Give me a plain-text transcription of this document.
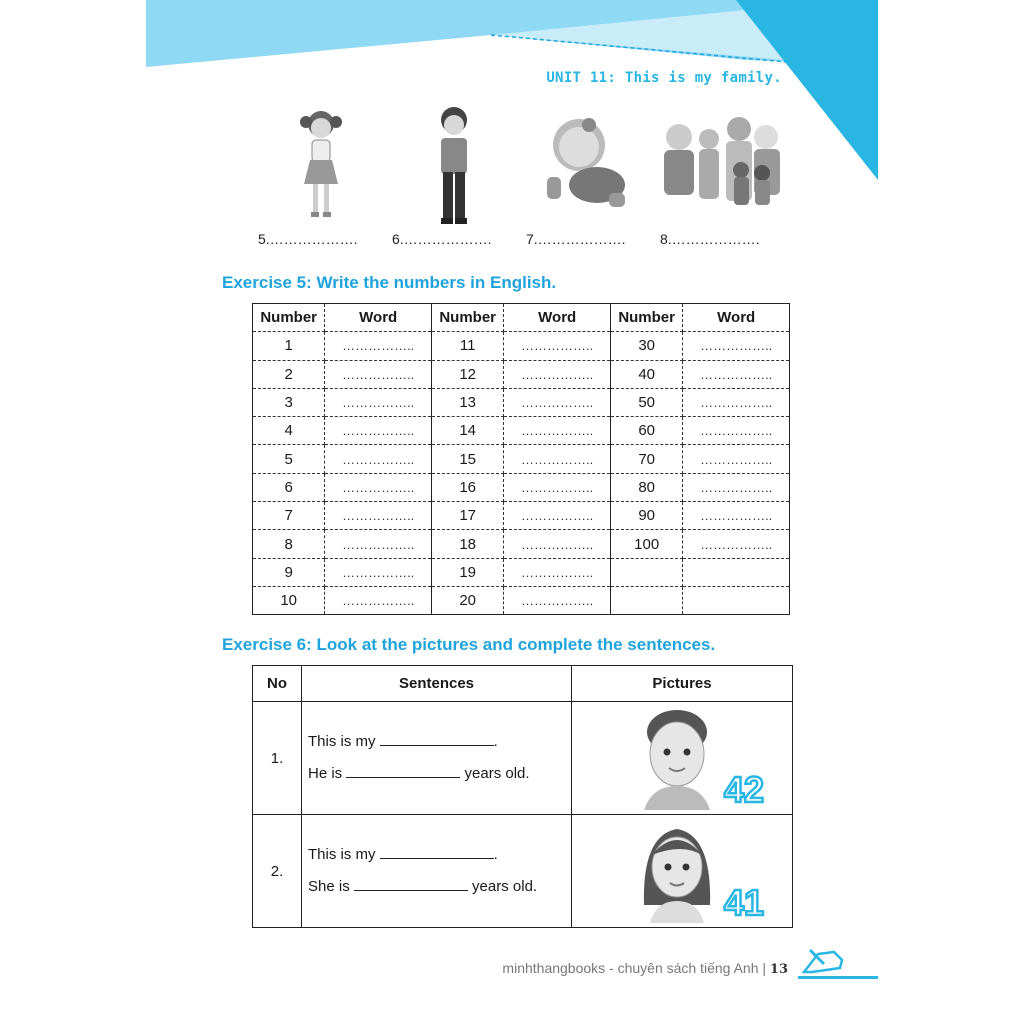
UNIT 11: This is my family.
5.……………….	6.……………….	7.……………….	8.……………….
Exercise 5: Write the numbers in English.
Number	Word	Number	Word	Number	Word
1	……………..	11	……………..	30	……………..
2	……………..	12	……………..	40	……………..
3	……………..	13	……………..	50	……………..
4	……………..	14	……………..	60	……………..
5	……………..	15	……………..	70	……………..
6	……………..	16	……………..	80	……………..
7	……………..	17	……………..	90	……………..
8	……………..	18	……………..	100	……………..
9	……………..	19	……………..		
10	……………..	20	……………..		
Exercise 6: Look at the pictures and complete the sentences.
No	Sentences	Pictures
1.	This is my .

He is years old.	42

2.	This is my .

She is years old.	41
minhthangbooks - chuyên sách tiếng Anh | 13
